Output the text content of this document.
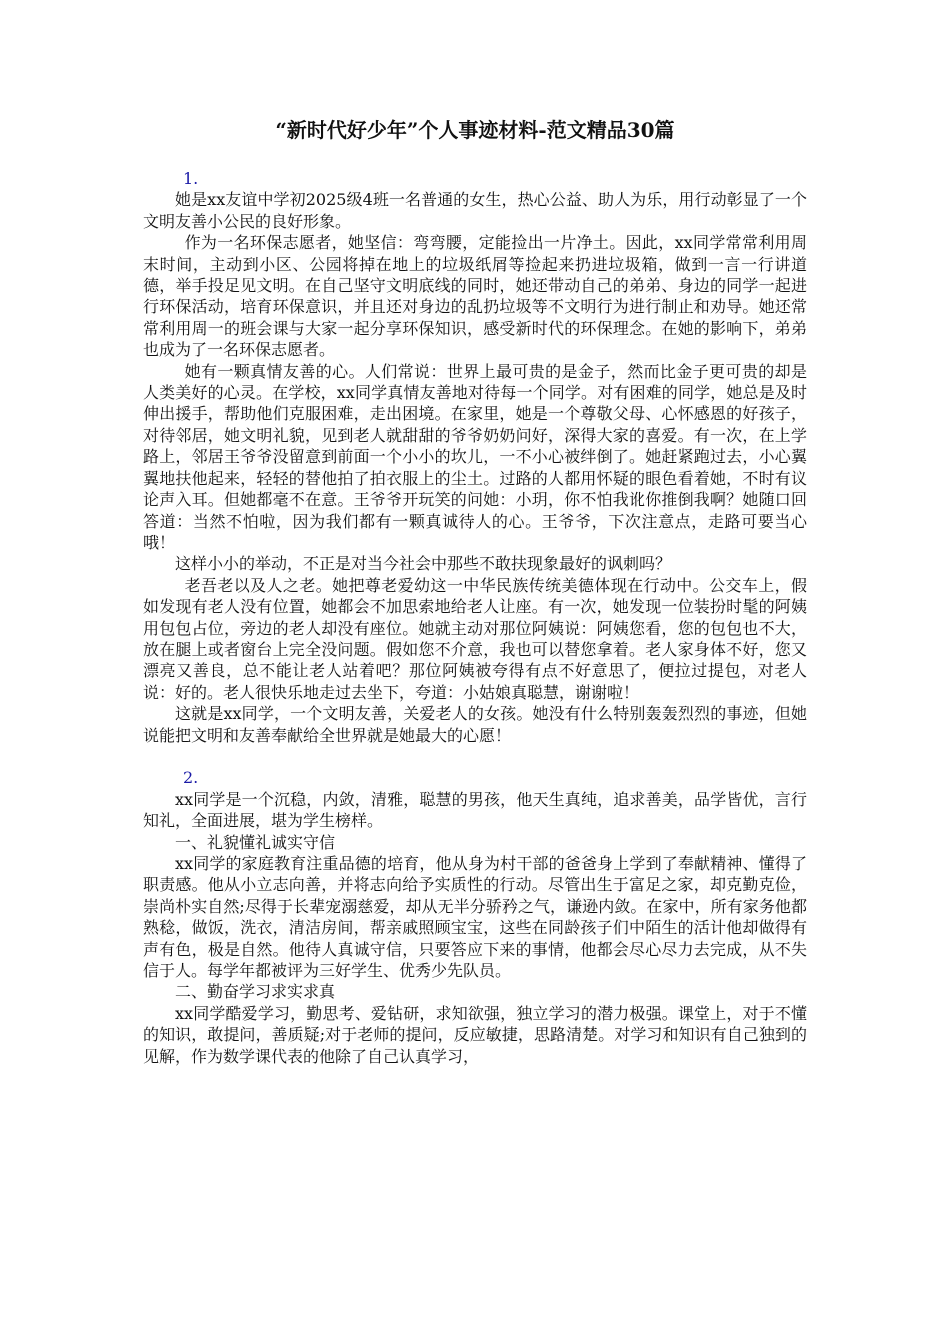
“新时代好少年”个人事迹材料-范文精品30篇
1.

她是xx友谊中学初2025级4班一名普通的女生，热心公益、助人为乐，用行动彰显了一个文明友善小公民的良好形象。

作为一名环保志愿者，她坚信：弯弯腰，定能捡出一片净土。因此，xx同学常常利用周末时间，主动到小区、公园将掉在地上的垃圾纸屑等捡起来扔进垃圾箱，做到一言一行讲道德，举手投足见文明。在自己坚守文明底线的同时，她还带动自己的弟弟、身边的同学一起进行环保活动，培育环保意识，并且还对身边的乱扔垃圾等不文明行为进行制止和劝导。她还常常利用周一的班会课与大家一起分享环保知识，感受新时代的环保理念。在她的影响下，弟弟也成为了一名环保志愿者。

她有一颗真情友善的心。人们常说：世界上最可贵的是金子，然而比金子更可贵的却是人类美好的心灵。在学校，xx同学真情友善地对待每一个同学。对有困难的同学，她总是及时伸出援手，帮助他们克服困难，走出困境。在家里，她是一个尊敬父母、心怀感恩的好孩子，对待邻居，她文明礼貌，见到老人就甜甜的爷爷奶奶问好，深得大家的喜爱。有一次，在上学路上，邻居王爷爷没留意到前面一个小小的坎儿，一不小心被绊倒了。她赶紧跑过去，小心翼翼地扶他起来，轻轻的替他拍了拍衣服上的尘土。过路的人都用怀疑的眼色看着她，不时有议论声入耳。但她都毫不在意。王爷爷开玩笑的问她：小玥，你不怕我讹你推倒我啊？她随口回答道：当然不怕啦，因为我们都有一颗真诚待人的心。王爷爷，下次注意点，走路可要当心哦！

这样小小的举动，不正是对当今社会中那些不敢扶现象最好的讽刺吗？

老吾老以及人之老。她把尊老爱幼这一中华民族传统美德体现在行动中。公交车上，假如发现有老人没有位置，她都会不加思索地给老人让座。有一次，她发现一位装扮时髦的阿姨用包包占位，旁边的老人却没有座位。她就主动对那位阿姨说：阿姨您看，您的包包也不大，放在腿上或者窗台上完全没问题。假如您不介意，我也可以替您拿着。老人家身体不好，您又漂亮又善良，总不能让老人站着吧？那位阿姨被夸得有点不好意思了，便拉过提包，对老人说：好的。老人很快乐地走过去坐下，夸道：小姑娘真聪慧，谢谢啦！

这就是xx同学，一个文明友善，关爱老人的女孩。她没有什么特别轰轰烈烈的事迹，但她说能把文明和友善奉献给全世界就是她最大的心愿！

2.

xx同学是一个沉稳，内敛，清雅，聪慧的男孩，他天生真纯，追求善美，品学皆优，言行知礼，全面进展，堪为学生榜样。

一、礼貌懂礼诚实守信

xx同学的家庭教育注重品德的培育，他从身为村干部的爸爸身上学到了奉献精神、懂得了职责感。他从小立志向善，并将志向给予实质性的行动。尽管出生于富足之家，却克勤克俭，崇尚朴实自然;尽得于长辈宠溺慈爱，却从无半分骄矜之气，谦逊内敛。在家中，所有家务他都熟稔，做饭，洗衣，清洁房间，帮亲戚照顾宝宝，这些在同龄孩子们中陌生的活计他却做得有声有色，极是自然。他待人真诚守信，只要答应下来的事情，他都会尽心尽力去完成，从不失信于人。每学年都被评为三好学生、优秀少先队员。

二、勤奋学习求实求真

xx同学酷爱学习，勤思考、爱钻研，求知欲强，独立学习的潜力极强。课堂上，对于不懂的知识，敢提问，善质疑;对于老师的提问，反应敏捷，思路清楚。对学习和知识有自己独到的见解，作为数学课代表的他除了自己认真学习，
